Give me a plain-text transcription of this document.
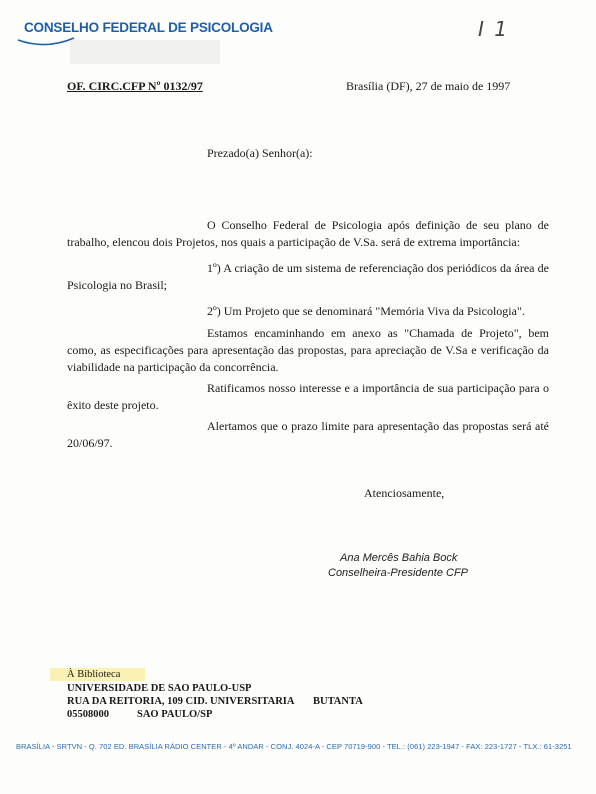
CONSELHO FEDERAL DE PSICOLOGIA	I 1
OF. CIRC.CFP Nº 0132/97	Brasília (DF), 27 de maio de 1997
Prezado(a) Senhor(a):
O Conselho Federal de Psicologia após definição de seu plano de trabalho, elencou dois Projetos, nos quais a participação de V.Sa. será de extrema importância:
1º) A criação de um sistema de referenciação dos periódicos da área de Psicologia no Brasil;
2º) Um Projeto que se denominará "Memória Viva da Psicologia".
Estamos encaminhando em anexo as "Chamada de Projeto", bem como, as especificações para apresentação das propostas, para apreciação de V.Sa e verificação da viabilidade na participação da concorrência.
Ratificamos nosso interesse e a importância de sua participação para o êxito deste projeto.
Alertamos que o prazo limite para apresentação das propostas será até 20/06/97.
Atenciosamente,
Ana Mercês Bahia Bock
Conselheira-Presidente CFP
À Biblioteca
UNIVERSIDADE DE SAO PAULO-USP
RUA DA REITORIA, 109 CID. UNIVERSITARIA BUTANTA
05508000	SAO PAULO/SP
BRASÍLIA - SRTVN - Q. 702 ED. BRASÍLIA RÁDIO CENTER - 4º ANDAR - CONJ. 4024-A - CEP 70719-900 - TEL.: (061) 223-1947 - FAX: 223-1727 - TLX.: 61-3251
